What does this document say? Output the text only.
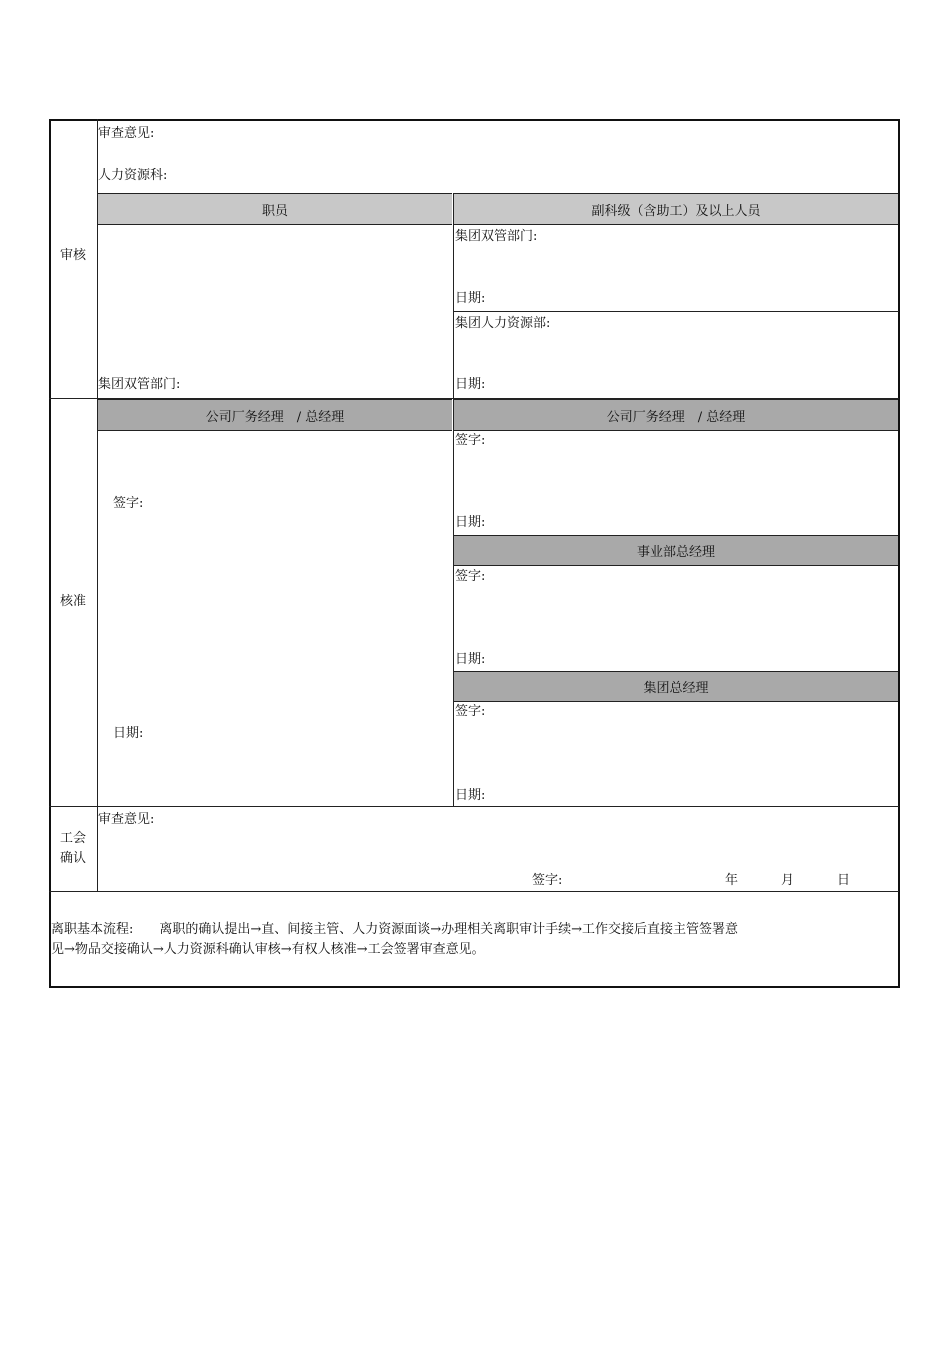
审核
审查意见:
人力资源科:
职员	副科级（含助工）及以上人员
集团双管部门:
集团双管部门:
日期:
集团人力资源部:
日期:
核准
公司厂务经理　/ 总经理	公司厂务经理　/ 总经理
签字:
日期:
签字:
日期:
事业部总经理
签字:
日期:
集团总经理
签字:
日期:
工会
确认
审查意见:
签字:	年	月	日
离职基本流程:　　离职的确认提出→直、间接主管、人力资源面谈→办理相关离职审计手续→工作交接后直接主管签署意
见→物品交接确认→人力资源科确认审核→有权人核准→工会签署审查意见。
